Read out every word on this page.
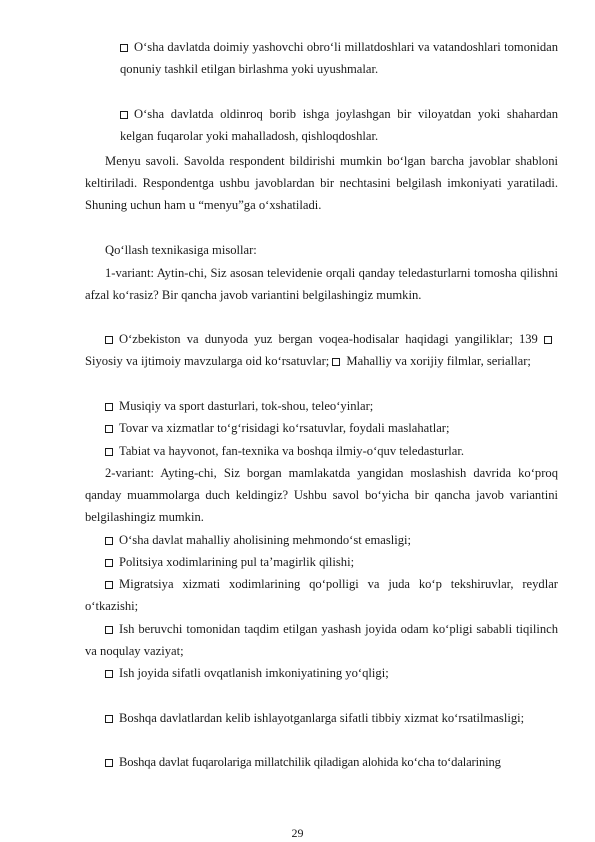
O‘sha davlatda doimiy yashovchi obro‘li millatdoshlari va vatandoshlari tomonidan qonuniy tashkil etilgan birlashma yoki uyushmalar.

O‘sha davlatda oldinroq borib ishga joylashgan bir viloyatdan yoki shahardan kelgan fuqarolar yoki mahalladosh, qishloqdoshlar.

Menyu savoli. Savolda respondent bildirishi mumkin bo‘lgan barcha javoblar shabloni keltiriladi. Respondentga ushbu javoblardan bir nechtasini belgilash imkoniyati yaratiladi. Shuning uchun ham u “menyu”ga o‘xshatiladi.

Qo‘llash texnikasiga misollar:

1-variant: Aytin-chi, Siz asosan televidenie orqali qanday teledasturlarni tomosha qilishni afzal ko‘rasiz? Bir qancha javob variantini belgilashingiz mumkin.

O‘zbekiston va dunyoda yuz bergan voqea-hodisalar haqidagi yangiliklar; 139 Siyosiy va ijtimoiy mavzularga oid ko‘rsatuvlar; Mahalliy va xorijiy filmlar, seriallar;

Musiqiy va sport dasturlari, tok-shou, teleo‘yinlar;

Tovar va xizmatlar to‘g‘risidagi ko‘rsatuvlar, foydali maslahatlar;

Tabiat va hayvonot, fan-texnika va boshqa ilmiy-o‘quv teledasturlar.

2-variant: Ayting-chi, Siz borgan mamlakatda yangidan moslashish davrida ko‘proq qanday muammolarga duch keldingiz? Ushbu savol bo‘yicha bir qancha javob variantini belgilashingiz mumkin.

O‘sha davlat mahalliy aholisining mehmondo‘st emasligi;

Politsiya xodimlarining pul ta’magirlik qilishi;

Migratsiya xizmati xodimlarining qo‘polligi va juda ko‘p tekshiruvlar, reydlar o‘tkazishi;

Ish beruvchi tomonidan taqdim etilgan yashash joyida odam ko‘pligi sababli tiqilinch va noqulay vaziyat;

Ish joyida sifatli ovqatlanish imkoniyatining yo‘qligi;

Boshqa davlatlardan kelib ishlayotganlarga sifatli tibbiy xizmat ko‘rsatilmasligi;

Boshqa davlat fuqarolariga millatchilik qiladigan alohida ko‘cha to‘dalarining

29
